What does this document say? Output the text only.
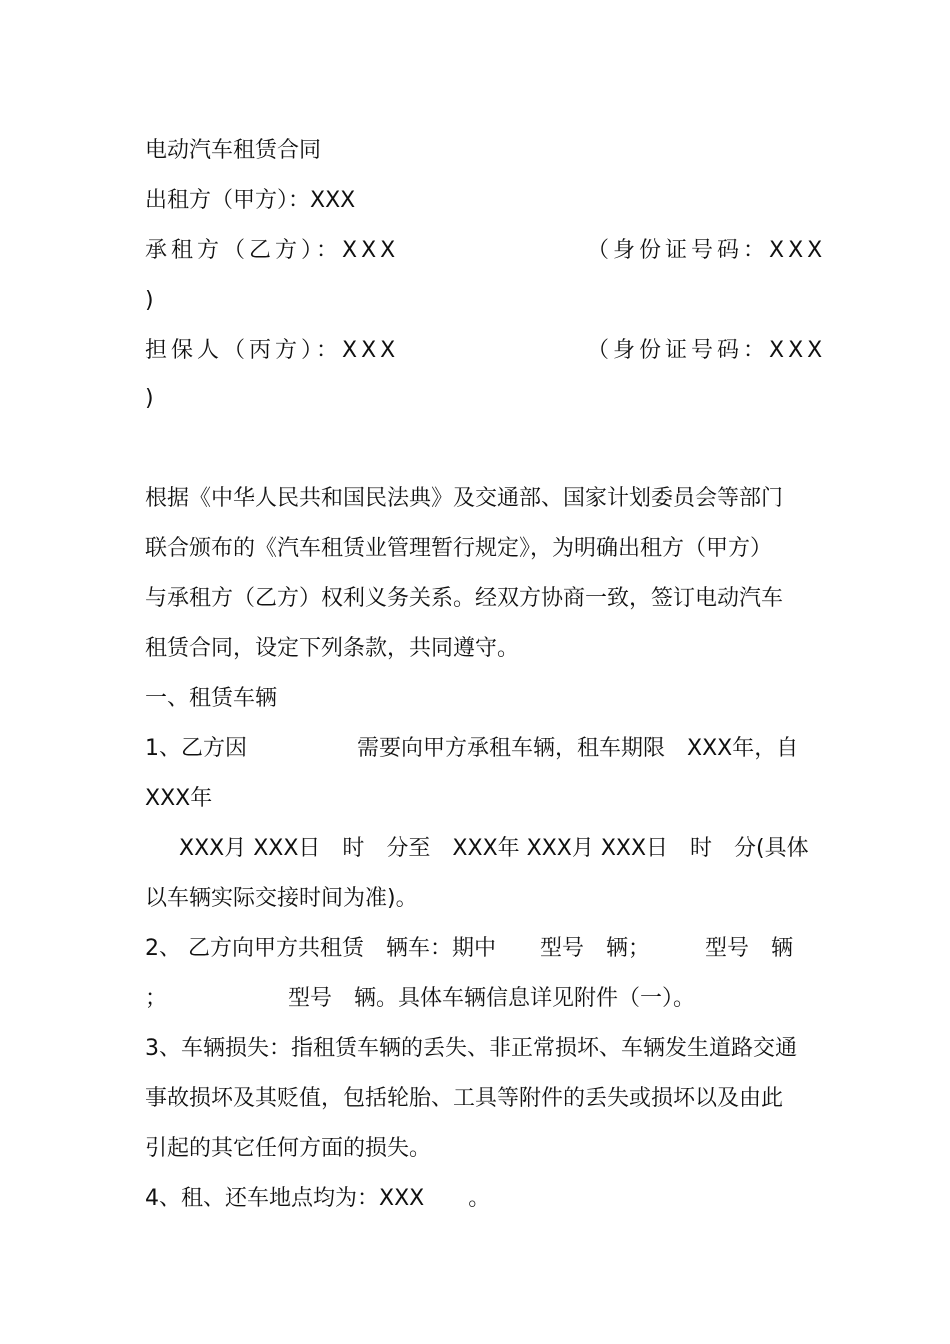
电动汽车租赁合同
出租方（甲方）：XXX
承租方（乙方）：XXX	（身份证号码：XXX
)
担保人（丙方）：XXX	（身份证号码：XXX
)
根据《中华人民共和国民法典》及交通部、国家计划委员会等部门
联合颁布的《汽车租赁业管理暂行规定》，为明确出租方（甲方）
与承租方（乙方）权利义务关系。经双方协商一致，签订电动汽车
租赁合同，设定下列条款，共同遵守。
一、租赁车辆
1、乙方因　　　　　需要向甲方承租车辆，租车期限　XXX年，自
XXX年
XXX月 XXX日　时　分至　XXX年 XXX月 XXX日　时　分(具体
以车辆实际交接时间为准)。
2、 乙方向甲方共租赁　辆车：期中　　型号　辆；　　　型号　辆
；　　　　　　型号　辆。具体车辆信息详见附件（一）。
3、车辆损失：指租赁车辆的丢失、非正常损坏、车辆发生道路交通
事故损坏及其贬值，包括轮胎、工具等附件的丢失或损坏以及由此
引起的其它任何方面的损失。
4、租、还车地点均为：XXX　　。
